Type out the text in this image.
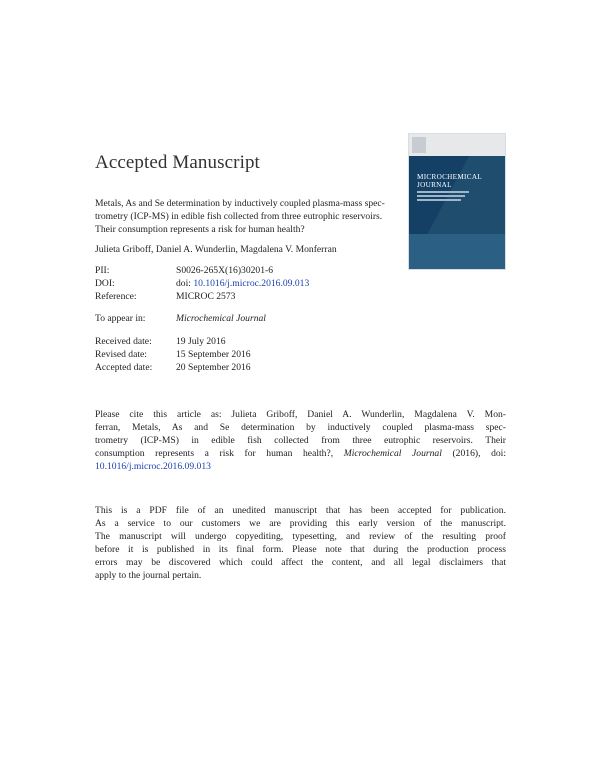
Accepted Manuscript
Metals, As and Se determination by inductively coupled plasma-mass spec-
trometry (ICP-MS) in edible fish collected from three eutrophic reservoirs.
Their consumption represents a risk for human health?
Julieta Griboff, Daniel A. Wunderlin, Magdalena V. Monferran
PII:	S0026-265X(16)30201-6
DOI:	doi: 10.1016/j.microc.2016.09.013
Reference:	MICROC 2573
To appear in:	Microchemical Journal
Received date:	19 July 2016
Revised date:	15 September 2016
Accepted date: 20 September 2016
Please cite this article as: Julieta Griboff, Daniel A. Wunderlin, Magdalena V. Mon-
ferran, Metals, As and Se determination by inductively coupled plasma-mass spec-
trometry (ICP-MS) in edible fish collected from three eutrophic reservoirs. Their
consumption represents a risk for human health?, Microchemical Journal (2016), doi:
10.1016/j.microc.2016.09.013
This is a PDF file of an unedited manuscript that has been accepted for publication.
As a service to our customers we are providing this early version of the manuscript.
The manuscript will undergo copyediting, typesetting, and review of the resulting proof
before it is published in its final form. Please note that during the production process
errors may be discovered which could affect the content, and all legal disclaimers that
apply to the journal pertain.
MICROCHEMICAL
JOURNAL
